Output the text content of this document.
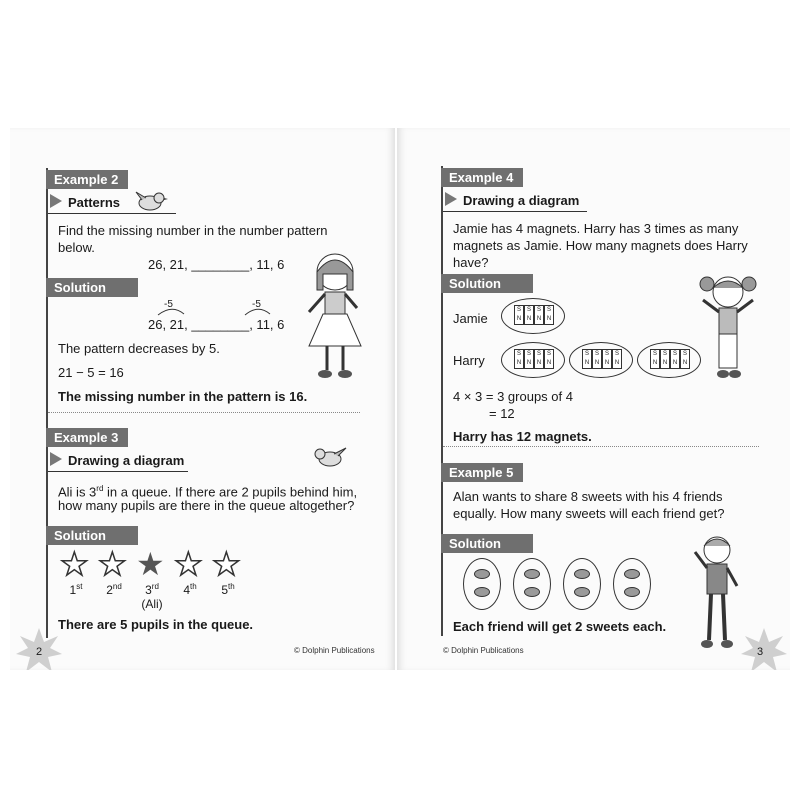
Example 2
Patterns
Find the missing number in the number pattern
below.
26, 21, ________, 11, 6
Solution
-5	-5
26, 21, ________, 11, 6
The pattern decreases by 5.
21 − 5 = 16
The missing number in the pattern is 16.
Example 3
Drawing a diagram
Ali is 3rd in a queue. If there are 2 pupils behind him,
how many pupils are there in the queue altogether?
Solution
★
1st
★
2nd
★
3rd
(Ali)
★
4th
★
5th
There are 5 pupils in the queue.
2	© Dolphin Publications
Example 4
Drawing a diagram
Jamie has 4 magnets. Harry has 3 times as many
magnets as Jamie. How many magnets does Harry
have?
Solution
Jamie
Harry
S
N
S
N
S
N
S
N
S
N
S
N
S
N
S
N
S
N
S
N
S
N
S
N
S
N
S
N
S
N
S
N
4 × 3 = 3 groups of 4
= 12
Harry has 12 magnets.
Example 5
Alan wants to share 8 sweets with his 4 friends
equally. How many sweets will each friend get?
Solution
Each friend will get 2 sweets each.
3
© Dolphin Publications
